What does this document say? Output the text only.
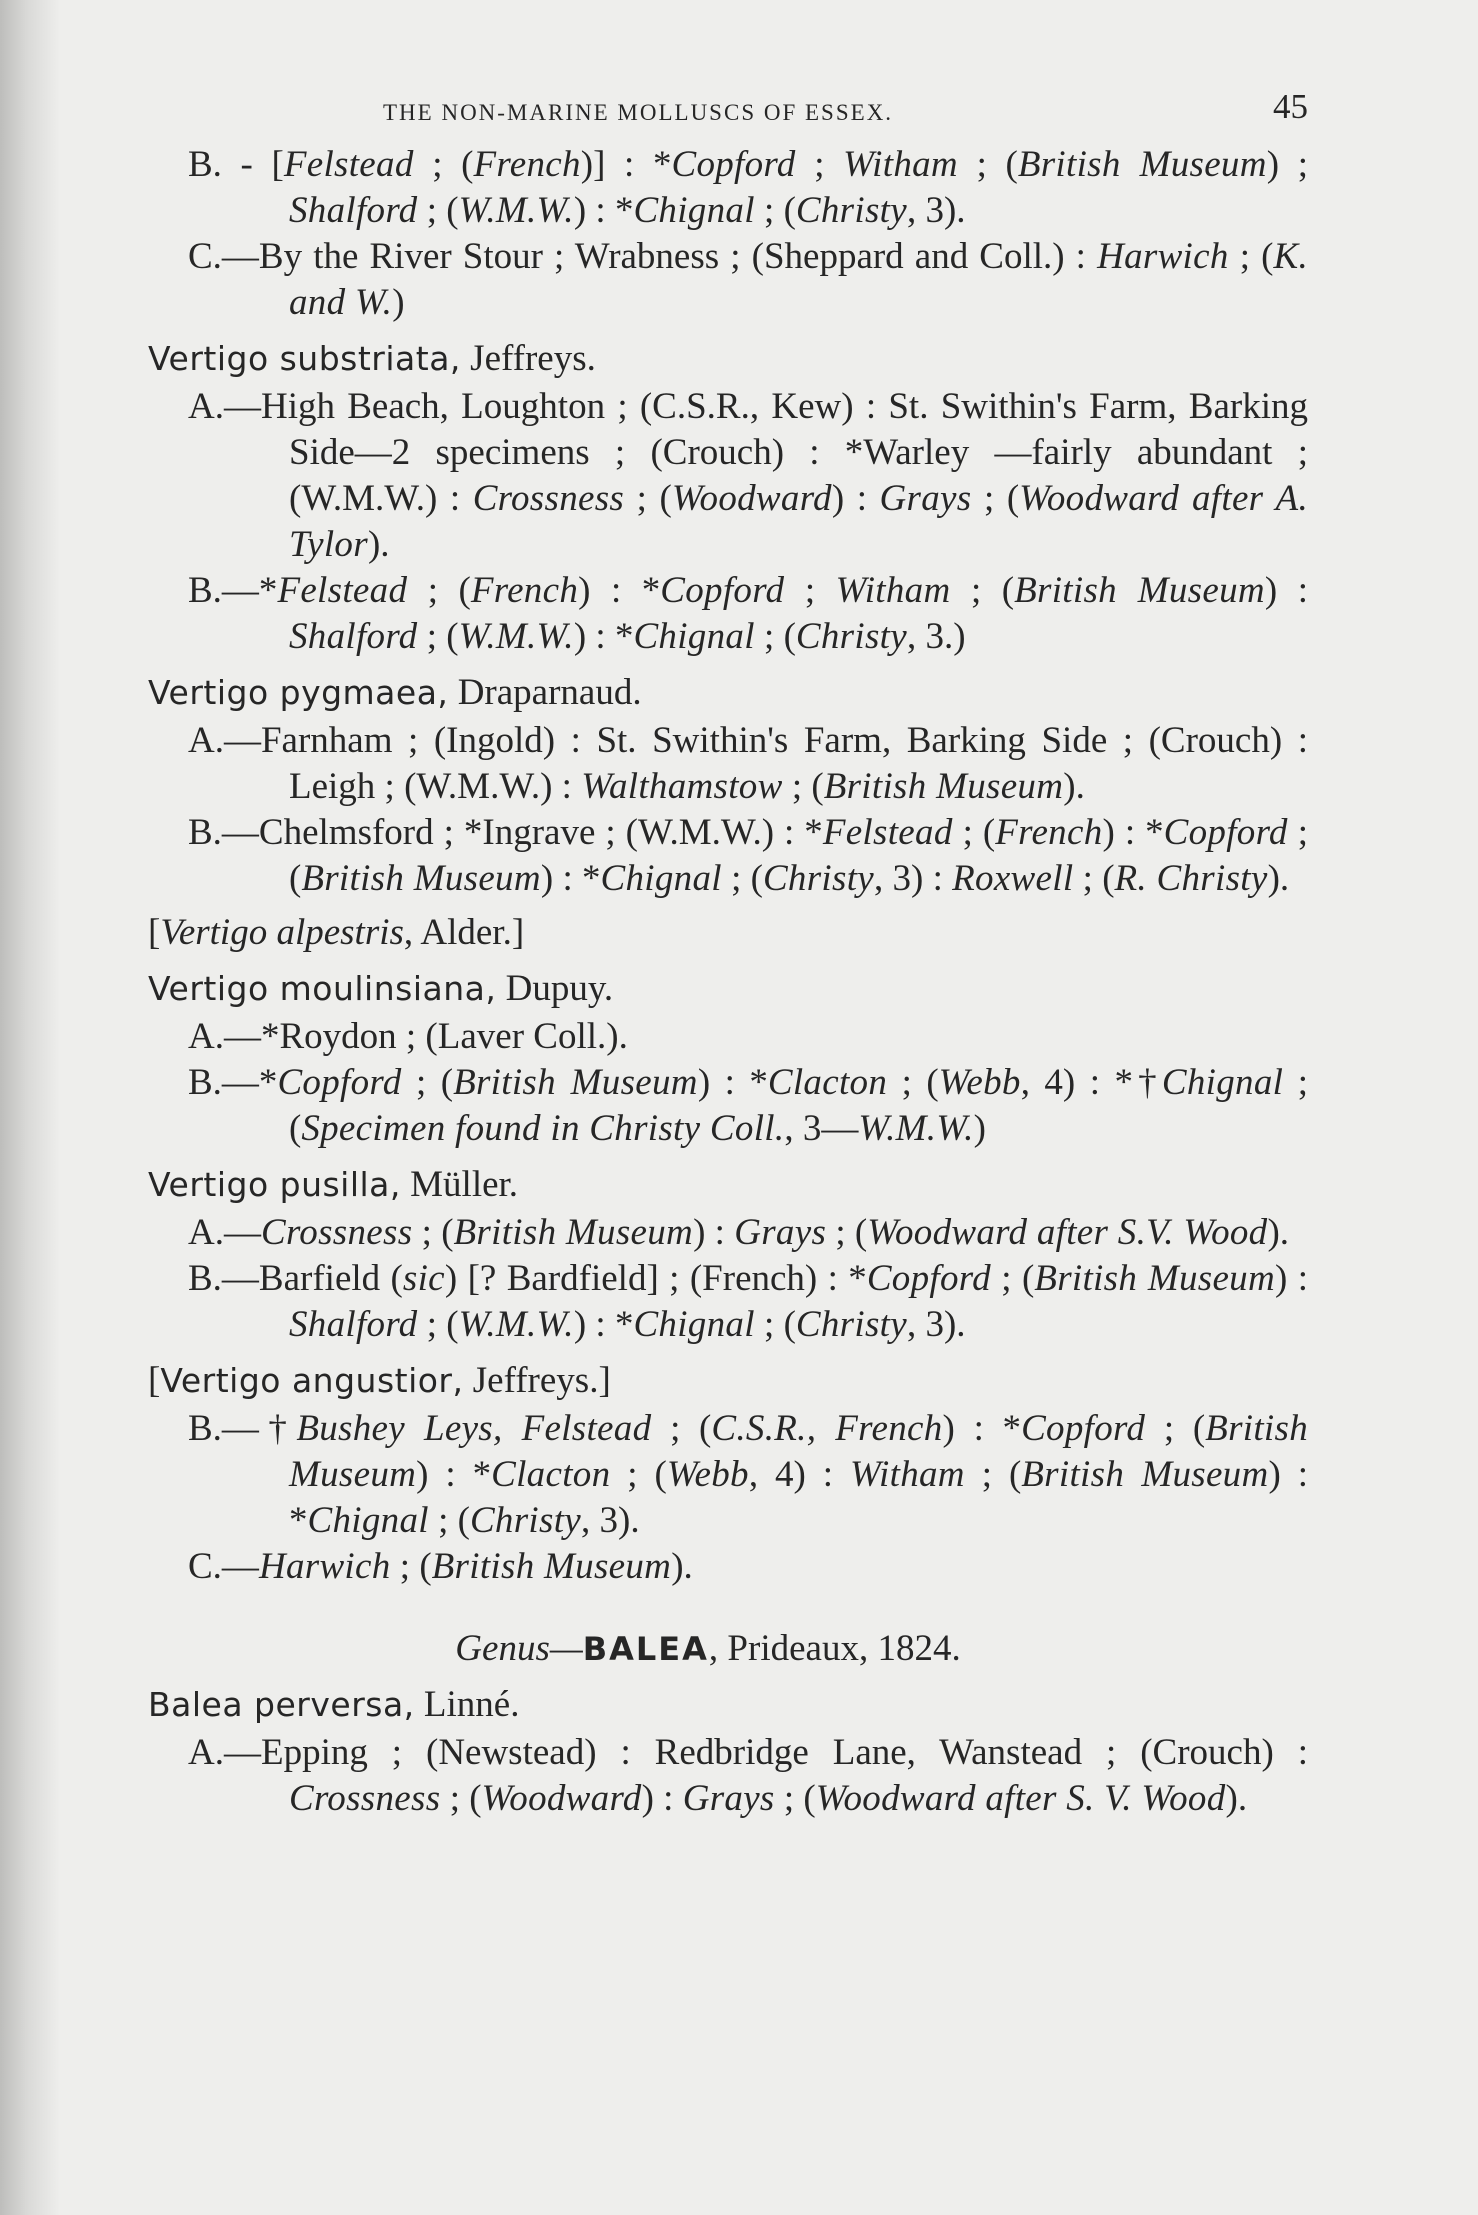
THE NON-MARINE MOLLUSCS OF ESSEX.	45

B. - [Felstead ; (French)] : *Copford ; Witham ; (British Museum) ; Shalford ; (W.M.W.) : *Chignal ; (Christy, 3).

C.—By the River Stour ; Wrabness ; (Sheppard and Coll.) : Harwich ; (K. and W.)

Vertigo substriata, Jeffreys.

A.—High Beach, Loughton ; (C.S.R., Kew) : St. Swithin's Farm, Barking Side—2 specimens ; (Crouch) : *Warley —fairly abundant ; (W.M.W.) : Crossness ; (Woodward) : Grays ; (Woodward after A. Tylor).

B.—*Felstead ; (French) : *Copford ; Witham ; (British Museum) : Shalford ; (W.M.W.) : *Chignal ; (Christy, 3.)

Vertigo pygmaea, Draparnaud.

A.—Farnham ; (Ingold) : St. Swithin's Farm, Barking Side ; (Crouch) : Leigh ; (W.M.W.) : Walthamstow ; (British Museum).

B.—Chelmsford ; *Ingrave ; (W.M.W.) : *Felstead ; (French) : *Copford ; (British Museum) : *Chignal ; (Christy, 3) : Roxwell ; (R. Christy).

[Vertigo alpestris, Alder.]
Vertigo moulinsiana, Dupuy.

A.—*Roydon ; (Laver Coll.).

B.—*Copford ; (British Museum) : *Clacton ; (Webb, 4) : *†Chignal ; (Specimen found in Christy Coll., 3—W.M.W.)

Vertigo pusilla, Müller.

A.—Crossness ; (British Museum) : Grays ; (Woodward after S.V. Wood).

B.—Barfield (sic) [? Bardfield] ; (French) : *Copford ; (British Museum) : Shalford ; (W.M.W.) : *Chignal ; (Christy, 3).

[Vertigo angustior, Jeffreys.]

B.—†Bushey Leys, Felstead ; (C.S.R., French) : *Copford ; (British Museum) : *Clacton ; (Webb, 4) : Witham ; (British Museum) : *Chignal ; (Christy, 3).

C.—Harwich ; (British Museum).

Genus—BALEA, Prideaux, 1824.
Balea perversa, Linné.

A.—Epping ; (Newstead) : Redbridge Lane, Wanstead ; (Crouch) : Crossness ; (Woodward) : Grays ; (Woodward after S. V. Wood).
